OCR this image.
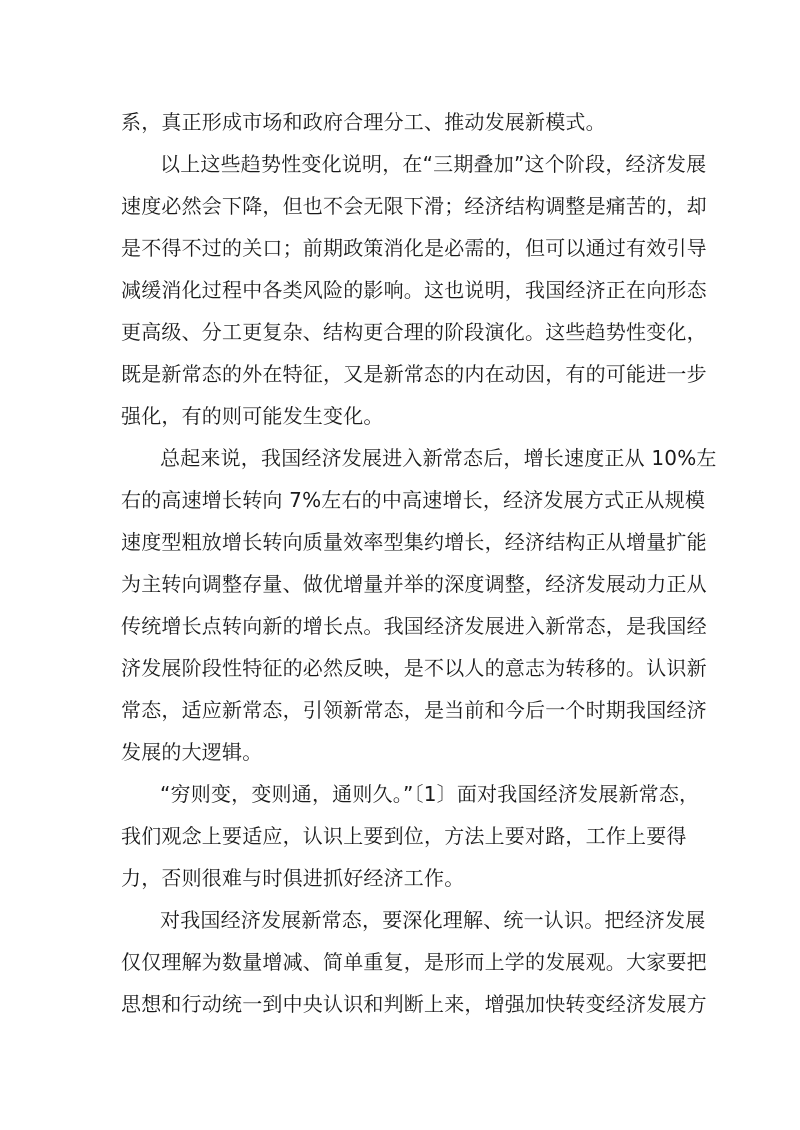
系，真正形成市场和政府合理分工、推动发展新模式。
以上这些趋势性变化说明，在“三期叠加”这个阶段，经济发展
速度必然会下降，但也不会无限下滑；经济结构调整是痛苦的，却
是不得不过的关口；前期政策消化是必需的，但可以通过有效引导
减缓消化过程中各类风险的影响。这也说明，我国经济正在向形态
更高级、分工更复杂、结构更合理的阶段演化。这些趋势性变化，
既是新常态的外在特征，又是新常态的内在动因，有的可能进一步
强化，有的则可能发生变化。
总起来说，我国经济发展进入新常态后，增长速度正从 10%左
右的高速增长转向 7%左右的中高速增长，经济发展方式正从规模
速度型粗放增长转向质量效率型集约增长，经济结构正从增量扩能
为主转向调整存量、做优增量并举的深度调整，经济发展动力正从
传统增长点转向新的增长点。我国经济发展进入新常态，是我国经
济发展阶段性特征的必然反映，是不以人的意志为转移的。认识新
常态，适应新常态，引领新常态，是当前和今后一个时期我国经济
发展的大逻辑。
“穷则变，变则通，通则久。”〔1〕面对我国经济发展新常态，
我们观念上要适应，认识上要到位，方法上要对路，工作上要得
力，否则很难与时俱进抓好经济工作。
对我国经济发展新常态，要深化理解、统一认识。把经济发展
仅仅理解为数量增减、简单重复，是形而上学的发展观。大家要把
思想和行动统一到中央认识和判断上来，增强加快转变经济发展方
